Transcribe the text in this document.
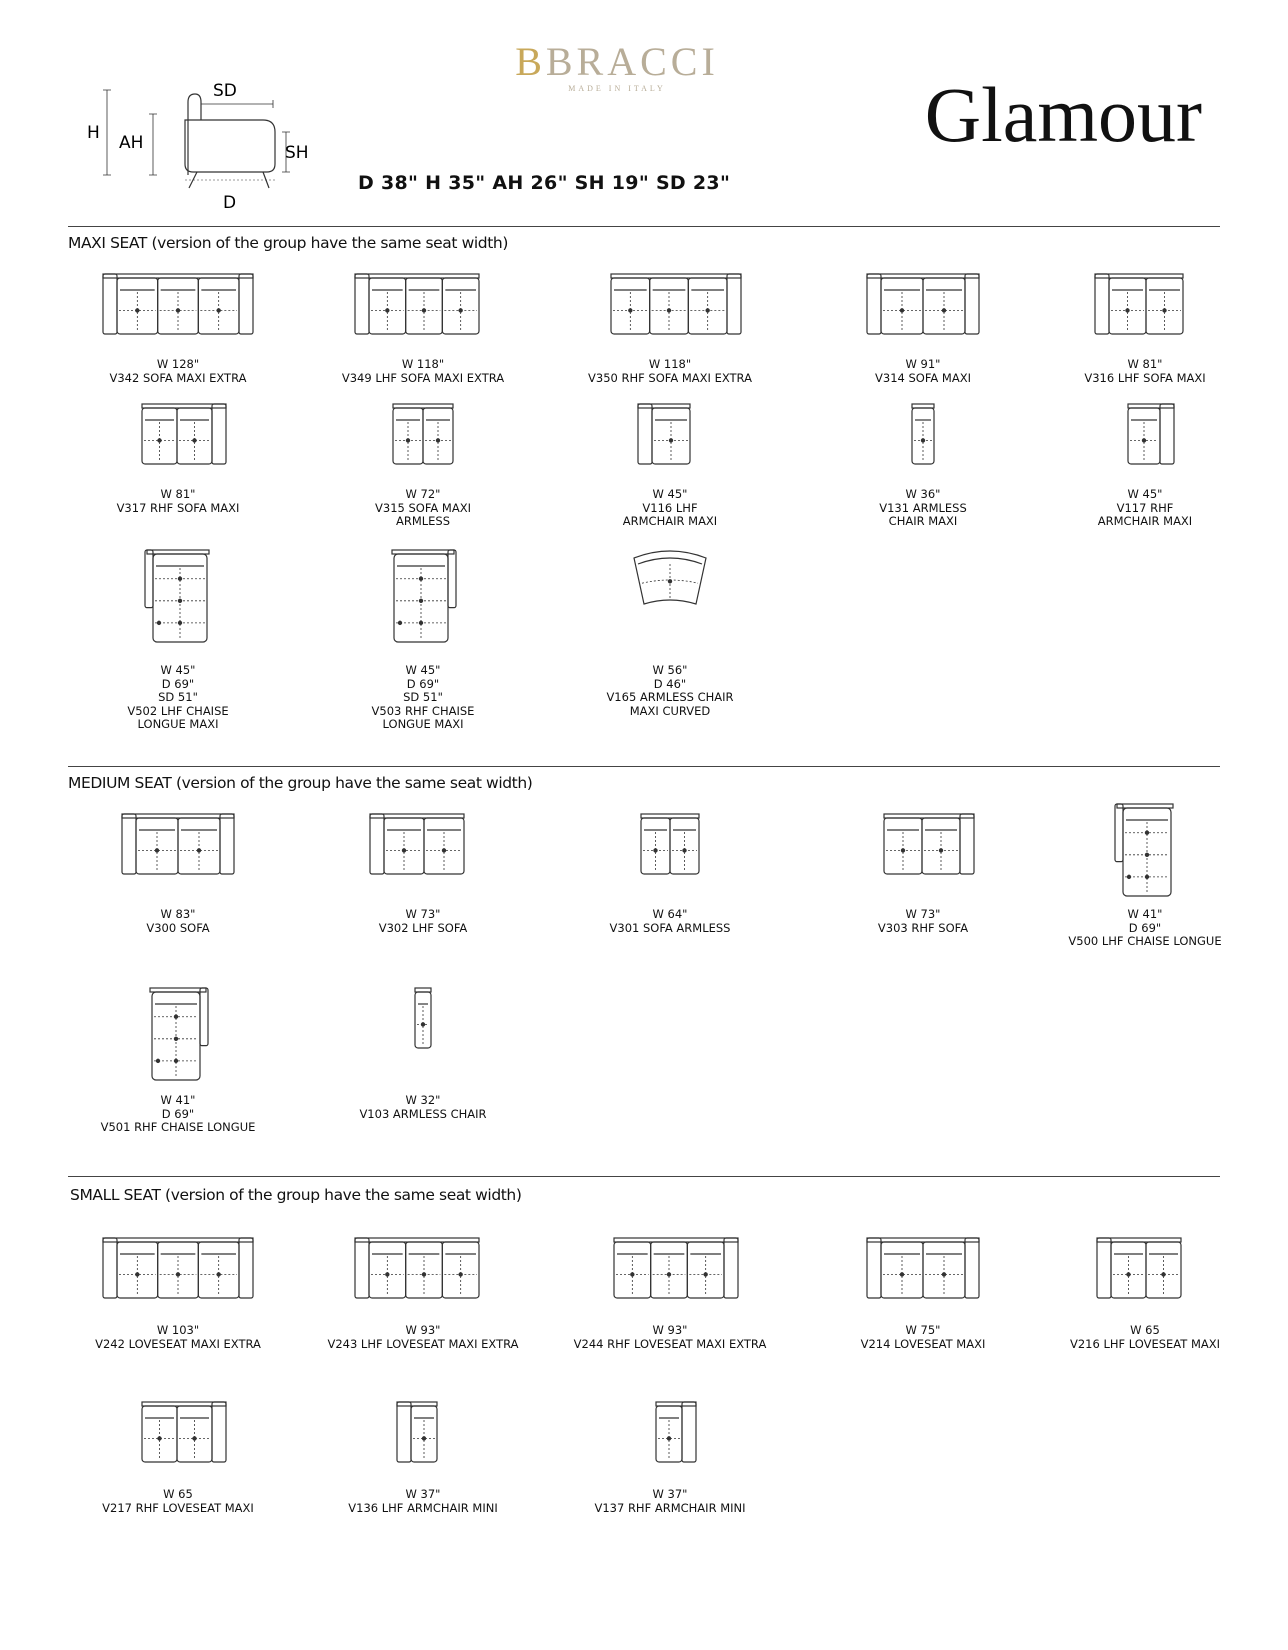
BBRACCI
MADE IN ITALY	Glamour
D 38" H 35" AH 26" SH 19" SD 23"
SD
H AH	SH
D
MAXI SEAT (version of the group have the same seat width)
MEDIUM SEAT (version of the group have the same seat width)
SMALL SEAT (version of the group have the same seat width)
W 128"
V342 SOFA MAXI EXTRA
W 118"
V349 LHF SOFA MAXI EXTRA
W 118"
V350 RHF SOFA MAXI EXTRA
W 91"
V314 SOFA MAXI
W 81"
V316 LHF SOFA MAXI
W 81"
V317 RHF SOFA MAXI
W 72"
V315 SOFA MAXI
ARMLESS
W 45"
V116 LHF
ARMCHAIR MAXI
W 36"
V131 ARMLESS
CHAIR MAXI
W 45"
V117 RHF
ARMCHAIR MAXI
W 45"
D 69"
SD 51"
V502 LHF CHAISE
LONGUE MAXI
W 45"
D 69"
SD 51"
V503 RHF CHAISE
LONGUE MAXI
W 56"
D 46"
V165 ARMLESS CHAIR
MAXI CURVED
W 83"
V300 SOFA
W 73"
V302 LHF SOFA
W 64"
V301 SOFA ARMLESS
W 73"
V303 RHF SOFA
W 41"
D 69"
V500 LHF CHAISE LONGUE
W 41"
D 69"
V501 RHF CHAISE LONGUE
W 32"
V103 ARMLESS CHAIR
W 103"
V242 LOVESEAT MAXI EXTRA
W 93"
V243 LHF LOVESEAT MAXI EXTRA
W 93"
V244 RHF LOVESEAT MAXI EXTRA
W 75"
V214 LOVESEAT MAXI
W 65
V216 LHF LOVESEAT MAXI
W 65
V217 RHF LOVESEAT MAXI
W 37"
V136 LHF ARMCHAIR MINI
W 37"
V137 RHF ARMCHAIR MINI
